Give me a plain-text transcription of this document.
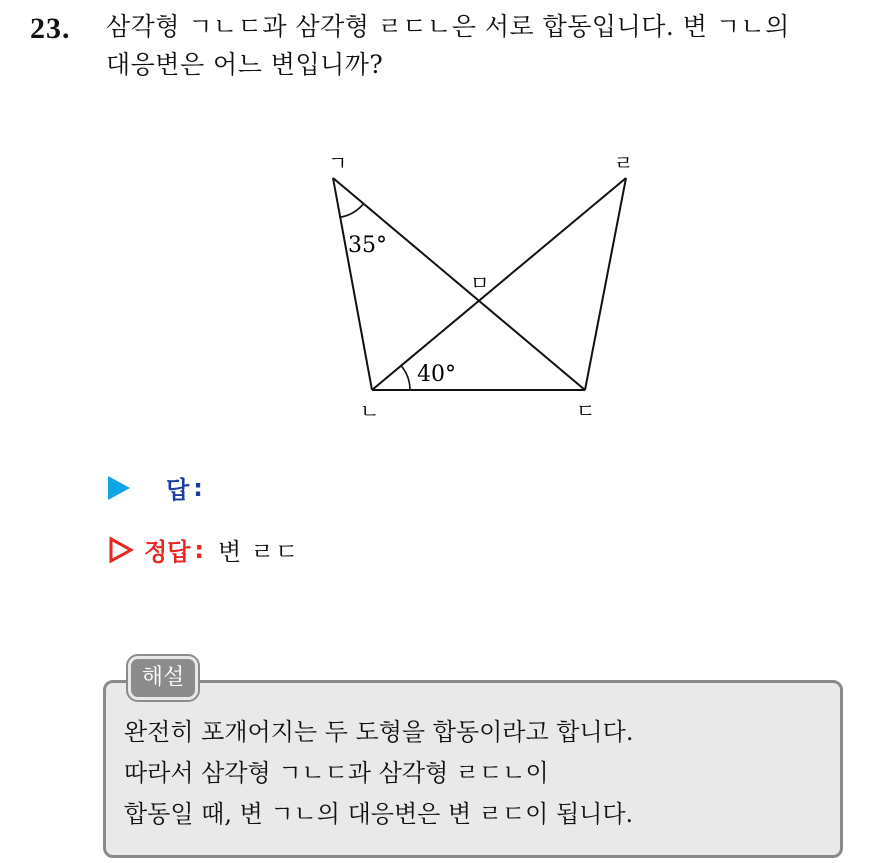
23. 삼각형 ㄱㄴㄷ과 삼각형 ㄹㄷㄴ은 서로 합동입니다. 변 ㄱㄴ의
대응변은 어느 변입니까?
ㄱ	ㄹ
ㄴ	ㄷ
ㅁ
35°
40°
답 :
정답 : 변 ㄹㄷ
해설
완전히 포개어지는 두 도형을 합동이라고 합니다.
따라서 삼각형 ㄱㄴㄷ과 삼각형 ㄹㄷㄴ이
합동일 때, 변 ㄱㄴ의 대응변은 변 ㄹㄷ이 됩니다.
